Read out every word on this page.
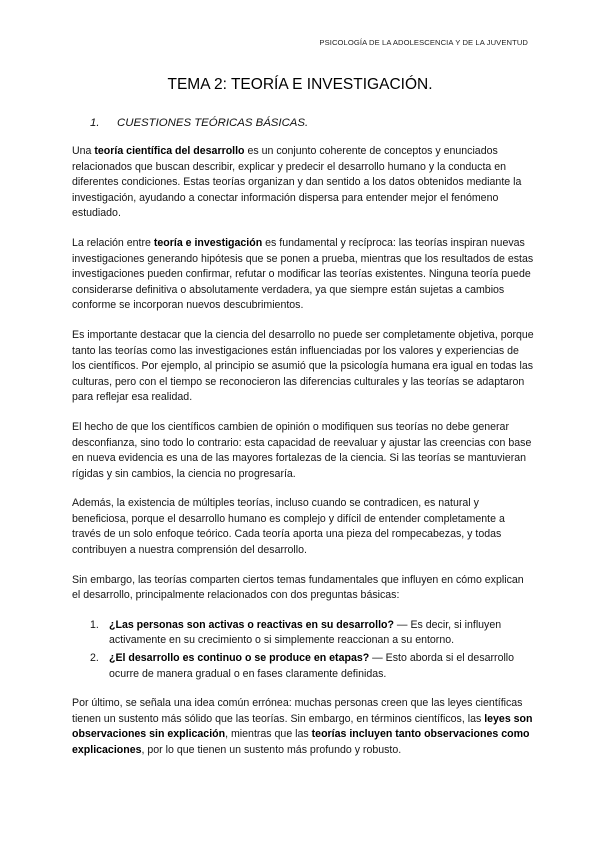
PSICOLOGÍA DE LA ADOLESCENCIA Y DE LA JUVENTUD
TEMA 2: TEORÍA E INVESTIGACIÓN.
1. CUESTIONES TEÓRICAS BÁSICAS.

Una teoría científica del desarrollo es un conjunto coherente de conceptos y enunciados relacionados que buscan describir, explicar y predecir el desarrollo humano y la conducta en diferentes condiciones. Estas teorías organizan y dan sentido a los datos obtenidos mediante la investigación, ayudando a conectar información dispersa para entender mejor el fenómeno estudiado.

La relación entre teoría e investigación es fundamental y recíproca: las teorías inspiran nuevas investigaciones generando hipótesis que se ponen a prueba, mientras que los resultados de estas investigaciones pueden confirmar, refutar o modificar las teorías existentes. Ninguna teoría puede considerarse definitiva o absolutamente verdadera, ya que siempre están sujetas a cambios conforme se incorporan nuevos descubrimientos.

Es importante destacar que la ciencia del desarrollo no puede ser completamente objetiva, porque tanto las teorías como las investigaciones están influenciadas por los valores y experiencias de los científicos. Por ejemplo, al principio se asumió que la psicología humana era igual en todas las culturas, pero con el tiempo se reconocieron las diferencias culturales y las teorías se adaptaron para reflejar esa realidad.

El hecho de que los científicos cambien de opinión o modifiquen sus teorías no debe generar desconfianza, sino todo lo contrario: esta capacidad de reevaluar y ajustar las creencias con base en nueva evidencia es una de las mayores fortalezas de la ciencia. Si las teorías se mantuvieran rígidas y sin cambios, la ciencia no progresaría.

Además, la existencia de múltiples teorías, incluso cuando se contradicen, es natural y beneficiosa, porque el desarrollo humano es complejo y difícil de entender completamente a través de un solo enfoque teórico. Cada teoría aporta una pieza del rompecabezas, y todas contribuyen a nuestra comprensión del desarrollo.

Sin embargo, las teorías comparten ciertos temas fundamentales que influyen en cómo explican el desarrollo, principalmente relacionados con dos preguntas básicas:

1. ¿Las personas son activas o reactivas en su desarrollo? — Es decir, si influyen activamente en su crecimiento o si simplemente reaccionan a su entorno.
2. ¿El desarrollo es continuo o se produce en etapas? — Esto aborda si el desarrollo ocurre de manera gradual o en fases claramente definidas.

Por último, se señala una idea común errónea: muchas personas creen que las leyes científicas tienen un sustento más sólido que las teorías. Sin embargo, en términos científicos, las leyes son observaciones sin explicación, mientras que las teorías incluyen tanto observaciones como explicaciones, por lo que tienen un sustento más profundo y robusto.
